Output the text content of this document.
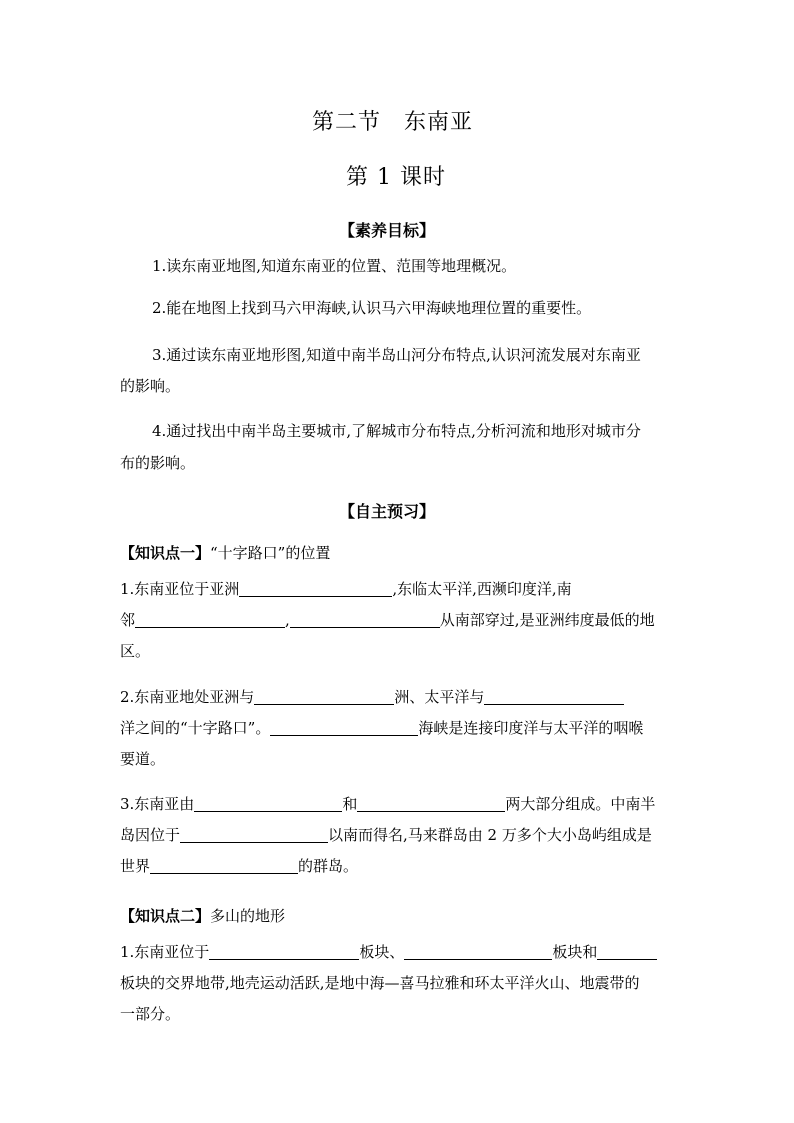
第二节　东南亚
第 1 课时
【素养目标】
1.读东南亚地图,知道东南亚的位置、范围等地理概况。
2.能在地图上找到马六甲海峡,认识马六甲海峡地理位置的重要性。
3.通过读东南亚地形图,知道中南半岛山河分布特点,认识河流发展对东南亚
的影响。
4.通过找出中南半岛主要城市,了解城市分布特点,分析河流和地形对城市分
布的影响。
【自主预习】
【知识点一】“十字路口”的位置
1.东南亚位于亚洲	,东临太平洋,西濒印度洋,南
邻	,	从南部穿过,是亚洲纬度最低的地
区。
2.东南亚地处亚洲与	洲、太平洋与
洋之间的“十字路口”。	海峡是连接印度洋与太平洋的咽喉
要道。
3.东南亚由	和	两大部分组成。中南半
岛因位于	以南而得名,马来群岛由 2 万多个大小岛屿组成是
世界	的群岛。
【知识点二】多山的地形
1.东南亚位于	板块、	板块和
板块的交界地带,地壳运动活跃,是地中海—喜马拉雅和环太平洋火山、地震带的
一部分。
